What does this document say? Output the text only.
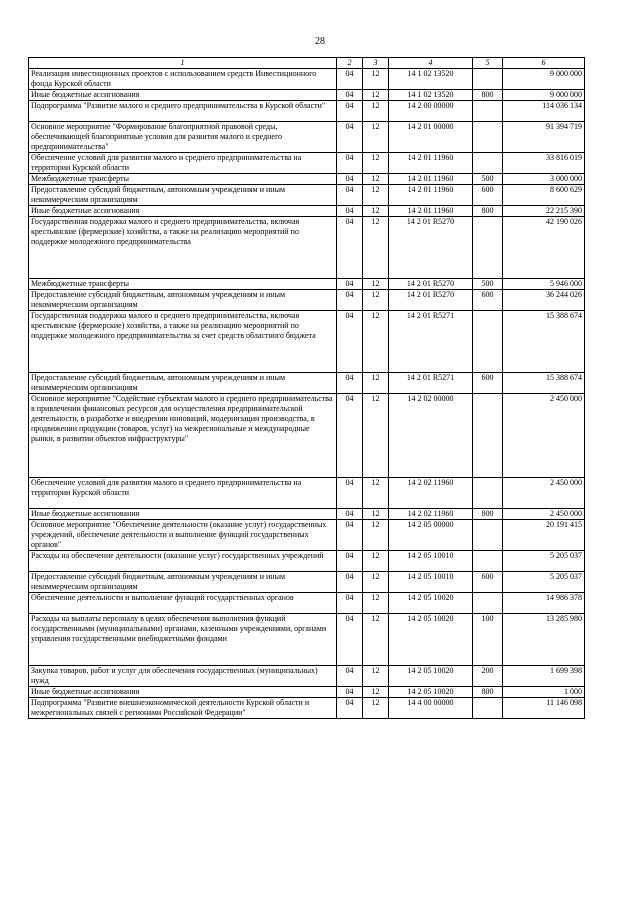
28
1	2	3	4	5	6
Реализация инвестиционных проектов с использованием средств Инвестиционного фонда Курской области	04	12	14 1 02 13520		9 000 000
Иные бюджетные ассигнования	04	12	14 1 02 13520	800	9 000 000
Подпрограмма "Развитие малого и среднего предпринимательства в Курской области"	04	12	14 2 00 00000		114 036 134
Основное мероприятие "Формирование благоприятной правовой среды, обеспечивающей благоприятные условия для развития малого и среднего предпринимательства"	04	12	14 2 01 00000		91 394 719
Обеспечение условий для развития малого и среднего предпринимательства на территории Курской области	04	12	14 2 01 11960		33 816 019
Межбюджетные трансферты	04	12	14 2 01 11960	500	3 000 000
Предоставление субсидий бюджетным, автономным учреждениям и иным некоммерческим организациям	04	12	14 2 01 11960	600	8 600 629
Иные бюджетные ассигнования	04	12	14 2 01 11960	800	22 215 390
Государственная поддержка малого и среднего предпринимательства, включая крестьянские (фермерские) хозяйства, а также на реализацию мероприятий по поддержке молодежного предпринимательства	04	12	14 2 01 R5270		42 190 026
Межбюджетные трансферты	04	12	14 2 01 R5270	500	5 946 000
Предоставление субсидий бюджетным, автономным учреждениям и иным некоммерческим организациям	04	12	14 2 01 R5270	600	36 244 026
Государственная поддержка малого и среднего предпринимательства, включая крестьянские (фермерские) хозяйства, а также на реализацию мероприятий по поддержке молодежного предпринимательства за счет средств областного бюджета	04	12	14 2 01 R5271		15 388 674
Предоставление субсидий бюджетным, автономным учреждениям и иным некоммерческим организациям	04	12	14 2 01 R5271	600	15 388 674
Основное мероприятие "Содействие субъектам малого и среднего предпринимательства в привлечении финансовых ресурсов для осуществления предпринимательской деятельности, в разработке и внедрении инноваций, модернизации производства, в продвижении продукции (товаров, услуг) на межрегиональные и международные рынки, в развитии объектов инфраструктуры"	04	12	14 2 02 00000		2 450 000
Обеспечение условий для развития малого и среднего предпринимательства на территории Курской области	04	12	14 2 02 11960		2 450 000
Иные бюджетные ассигнования	04	12	14 2 02 11960	800	2 450 000
Основное мероприятие "Обеспечение деятельности (оказание услуг) государственных учреждений, обеспечение деятельности и выполнение функций государственных органов"	04	12	14 2 05 00000		20 191 415
Расходы на обеспечение деятельности (оказание услуг) государственных учреждений	04	12	14 2 05 10010		5 205 037
Предоставление субсидий бюджетным, автономным учреждениям и иным некоммерческим организациям	04	12	14 2 05 10010	600	5 205 037
Обеспечение деятельности и выполнение функций государственных органов	04	12	14 2 05 10020		14 986 378
Расходы на выплаты персоналу в целях обеспечения выполнения функций государственными (муниципальными) органами, казенными учреждениями, органами управления государственными внебюджетными фондами	04	12	14 2 05 10020	100	13 285 980
Закупка товаров, работ и услуг для обеспечения государственных (муниципальных) нужд	04	12	14 2 05 10020	200	1 699 398
Иные бюджетные ассигнования	04	12	14 2 05 10020	800	1 000
Подпрограмма "Развитие внешнеэкономической деятельности Курской области и межрегиональных связей с регионами Российской Федерации"	04	12	14 4 00 00000		11 146 098
